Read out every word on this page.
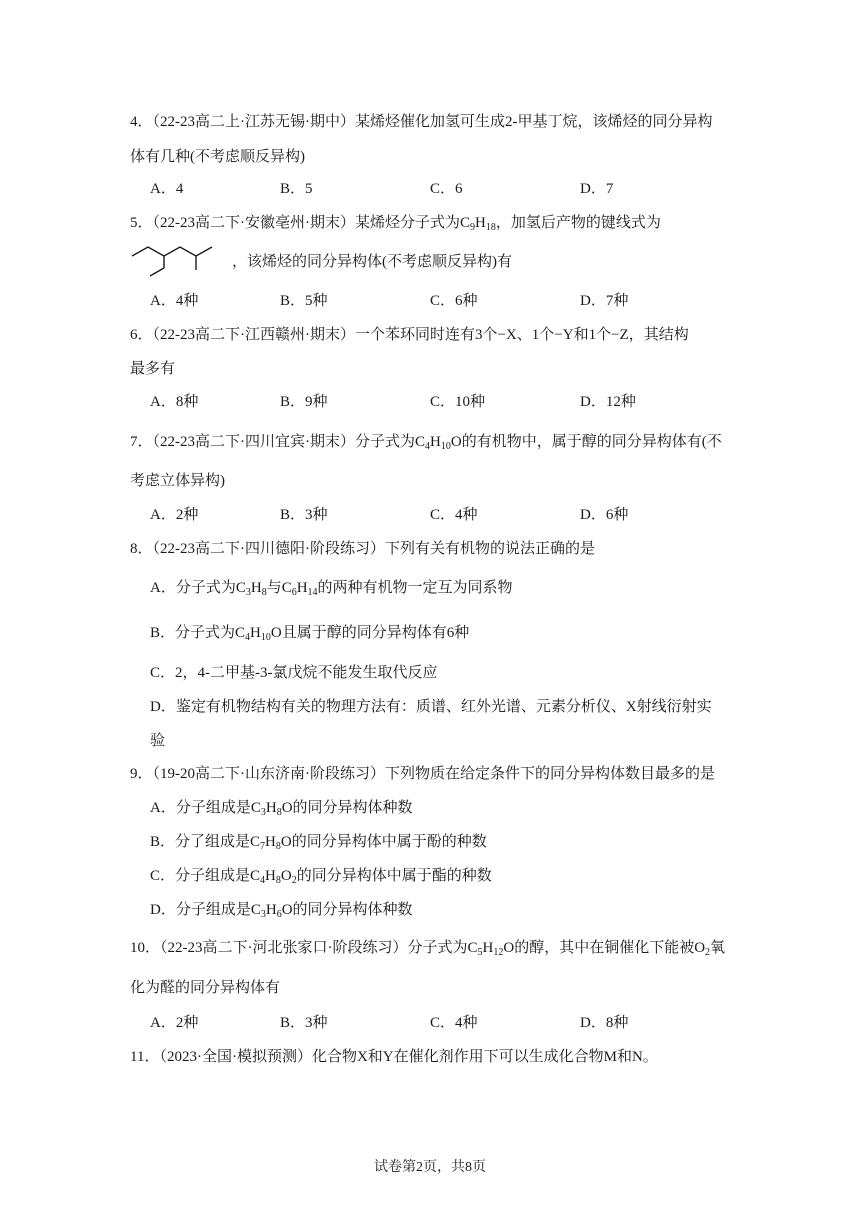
4．（22-23高二上·江苏无锡·期中）某烯烃催化加氢可生成2-甲基丁烷，该烯烃的同分异构
体有几种(不考虑顺反异构)
A．4	B．5	C．6	D．7
5．（22-23高二下·安徽亳州·期末）某烯烃分子式为$C_9H_{18}$，加氢后产物的键线式为
，该烯烃的同分异构体(不考虑顺反异构)有
A．4种	B．5种	C．6种	D．7种
6．（22-23高二下·江西赣州·期末）一个苯环同时连有3个−X、1个−Y和1个−Z，其结构
最多有
A．8种	B．9种	C．10种	D．12种
7．（22-23高二下·四川宜宾·期末）分子式为$C_4H_{10}O$的有机物中，属于醇的同分异构体有(不
考虑立体异构)
A．2种	B．3种	C．4种	D．6种
8．（22-23高二下·四川德阳·阶段练习）下列有关有机物的说法正确的是
A．分子式为$C_3H_8$与$C_6H_{14}$的两种有机物一定互为同系物
B．分子式为$C_4H_{10}O$且属于醇的同分异构体有6种
C．2，4-二甲基-3-氯戊烷不能发生取代反应
D．鉴定有机物结构有关的物理方法有：质谱、红外光谱、元素分析仪、X射线衍射实
验
9．（19-20高二下·山东济南·阶段练习）下列物质在给定条件下的同分异构体数目最多的是
A．分子组成是$C_3H_8O$的同分异构体种数
B．分了组成是$C_7H_8O$的同分异构体中属于酚的种数
C．分子组成是$C_4H_8O_2$的同分异构体中属于酯的种数
D．分子组成是$C_3H_6O$的同分异构体种数
10．（22-23高二下·河北张家口·阶段练习）分子式为$C_5H_{12}O$的醇，其中在铜催化下能被$O_2$氧
化为醛的同分异构体有
A．2种	B．3种	C．4种	D．8种
11．（2023·全国·模拟预测）化合物X和Y在催化剂作用下可以生成化合物M和N。
试卷第2页，共8页
